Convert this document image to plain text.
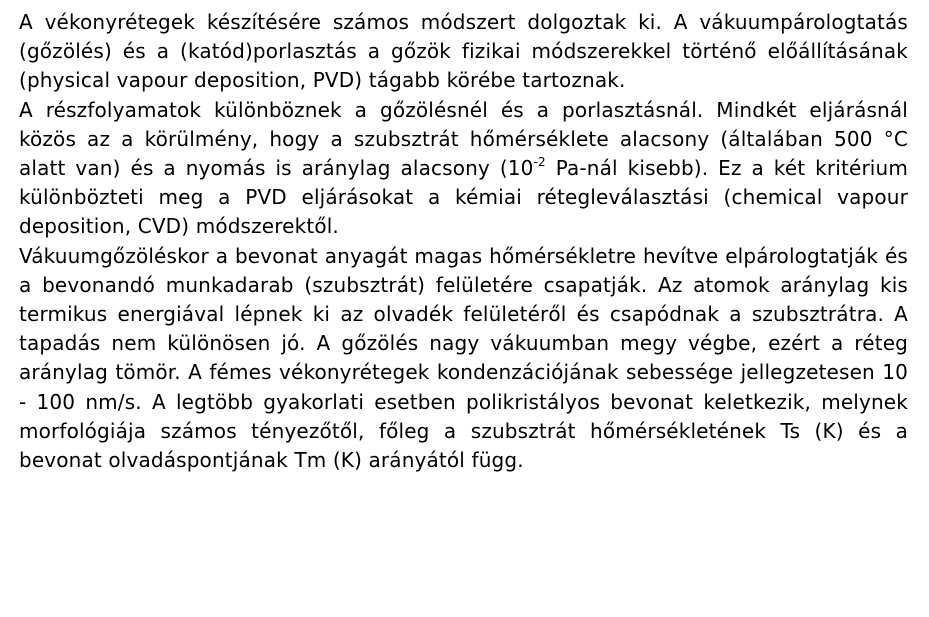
A vékonyrétegek készítésére számos módszert dolgoztak ki. A vákuumpárologtatás (gőzölés) és a (katód)porlasztás a gőzök fizikai módszerekkel történő előállításának (physical vapour deposition, PVD) tágabb körébe tartoznak.

A részfolyamatok különböznek a gőzölésnél és a porlasztásnál. Mindkét eljárásnál közös az a körülmény, hogy a szubsztrát hőmérséklete alacsony (általában 500 °C alatt van) és a nyomás is aránylag alacsony ($10^{-2}$ Pa-nál kisebb). Ez a két kritérium különbözteti meg a PVD eljárásokat a kémiai rétegleválasztási (chemical vapour deposition, CVD) módszerektől.

Vákuumgőzöléskor a bevonat anyagát magas hőmérsékletre hevítve elpárologtatják és a bevonandó munkadarab (szubsztrát) felületére csapatják. Az atomok aránylag kis termikus energiával lépnek ki az olvadék felületéről és csapódnak a szubsztrátra. A tapadás nem különösen jó. A gőzölés nagy vákuumban megy végbe, ezért a réteg aránylag tömör. A fémes vékonyrétegek kondenzációjának sebessége jellegzetesen 10 - 100 nm/s. A legtöbb gyakorlati esetben polikristályos bevonat keletkezik, melynek morfológiája számos tényezőtől, főleg a szubsztrát hőmérsékletének Ts (K) és a bevonat olvadáspontjának Tm (K) arányától függ.
